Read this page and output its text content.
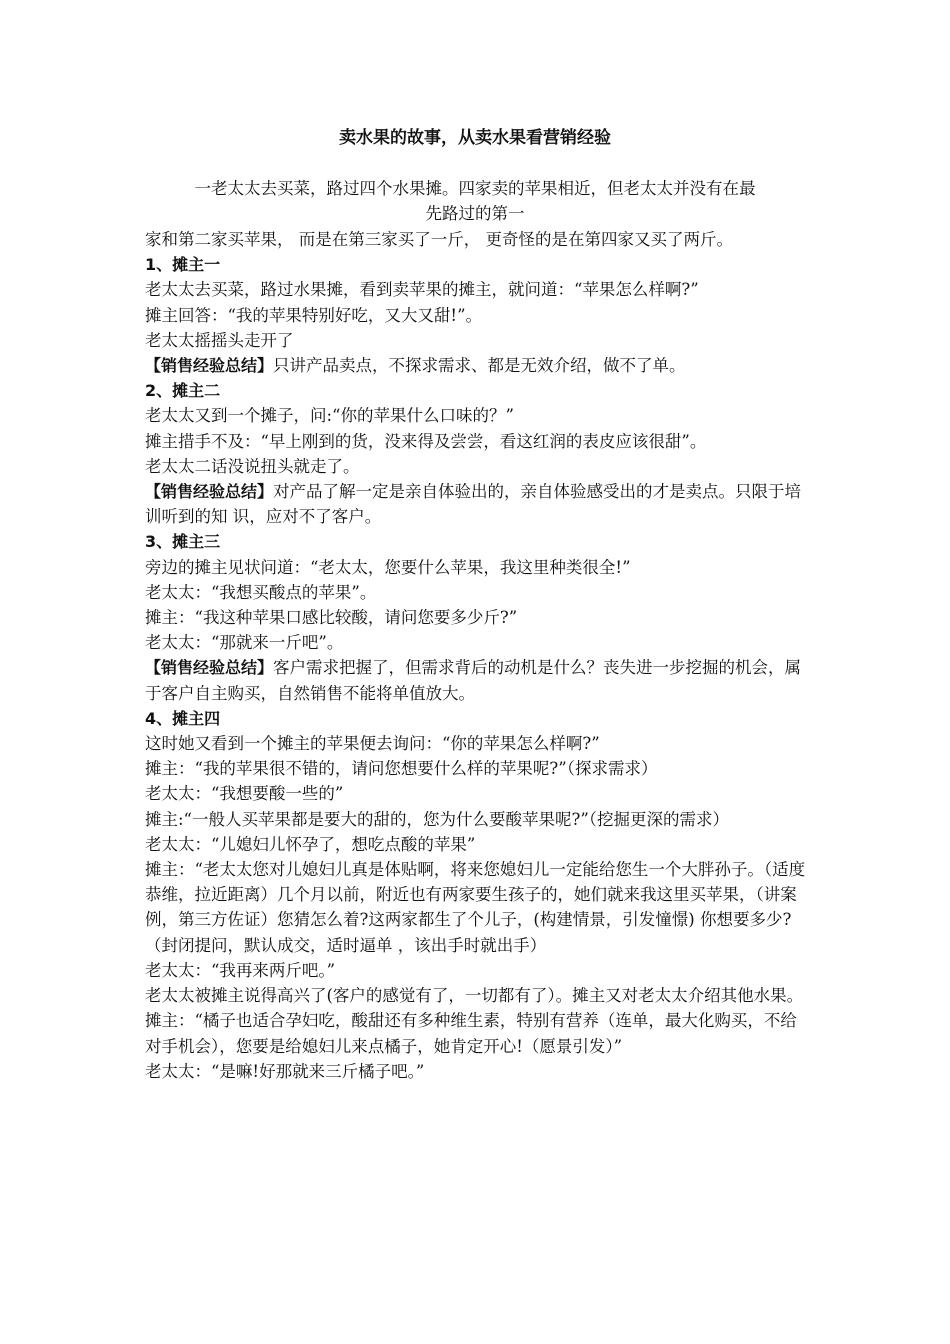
卖水果的故事，从卖水果看营销经验
一老太太去买菜，路过四个水果摊。四家卖的苹果相近，但老太太并没有在最
先路过的第一

家和第二家买苹果， 而是在第三家买了一斤， 更奇怪的是在第四家又买了两斤。

1、摊主一

老太太去买菜，路过水果摊，看到卖苹果的摊主，就问道：“苹果怎么样啊?”

摊主回答：“我的苹果特别好吃，又大又甜!”。

老太太摇摇头走开了

【销售经验总结】只讲产品卖点，不探求需求、都是无效介绍，做不了单。

2、摊主二

老太太又到一个摊子，问:“你的苹果什么口味的？”

摊主措手不及：“早上刚到的货，没来得及尝尝，看这红润的表皮应该很甜”。

老太太二话没说扭头就走了。

【销售经验总结】对产品了解一定是亲自体验出的，亲自体验感受出的才是卖点。只限于培训听到的知 识，应对不了客户。

3、摊主三

旁边的摊主见状问道：“老太太，您要什么苹果，我这里种类很全!”

老太太：“我想买酸点的苹果”。

摊主：“我这种苹果口感比较酸，请问您要多少斤?”

老太太：“那就来一斤吧”。

【销售经验总结】客户需求把握了，但需求背后的动机是什么？丧失进一步挖掘的机会，属于客户自主购买，自然销售不能将单值放大。

4、摊主四

这时她又看到一个摊主的苹果便去询问：“你的苹果怎么样啊?”

摊主：“我的苹果很不错的，请问您想要什么样的苹果呢?”（探求需求）

老太太：“我想要酸一些的”

摊主:“一般人买苹果都是要大的甜的，您为什么要酸苹果呢?”（挖掘更深的需求）

老太太：“儿媳妇儿怀孕了，想吃点酸的苹果”

摊主：“老太太您对儿媳妇儿真是体贴啊，将来您媳妇儿一定能给您生一个大胖孙子。（适度恭维，拉近距离）几个月以前，附近也有两家要生孩子的，她们就来我这里买苹果，（讲案例，第三方佐证）您猜怎么着?这两家都生了个儿子，(构建情景，引发憧憬) 你想要多少? （封闭提问，默认成交，适时逼单 ，该出手时就出手）

老太太：“我再来两斤吧。”

老太太被摊主说得高兴了(客户的感觉有了，一切都有了）。摊主又对老太太介绍其他水果。

摊主：“橘子也适合孕妇吃，酸甜还有多种维生素，特别有营养（连单，最大化购买，不给对手机会），您要是给媳妇儿来点橘子，她肯定开心!（愿景引发）”

老太太：“是嘛!好那就来三斤橘子吧。”
